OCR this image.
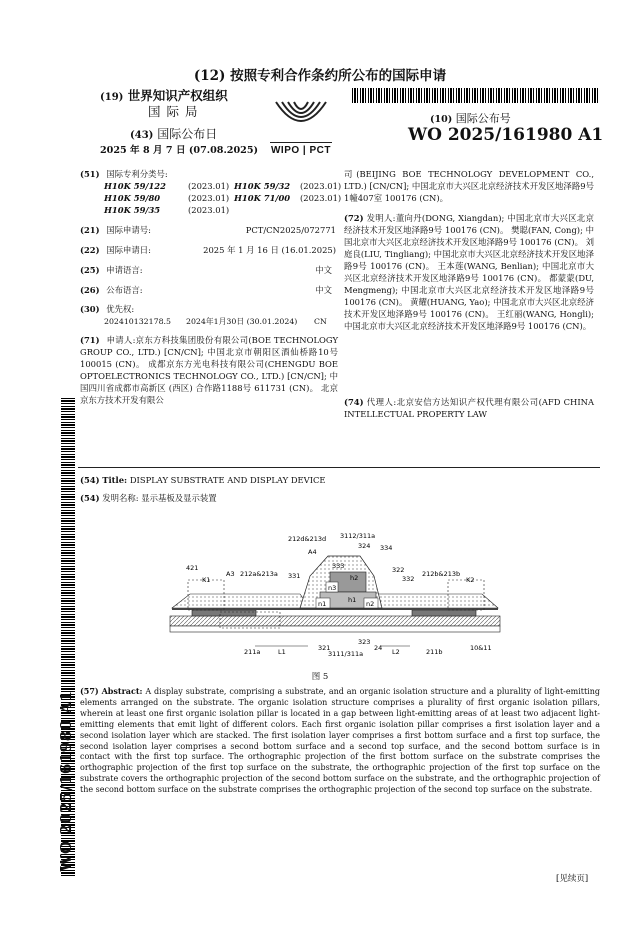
(12) 按照专利合作条约所公布的国际申请
(19) 世界知识产权组织
国 际 局
(43) 国际公布日
2025 年 8 月 7 日 (07.08.2025) WIPO | PCT
(10) 国际公布号
WO 2025/161980 A1
(51) 国际专利分类号:
H10K 59/122	(2023.01) H10K 59/32 (2023.01)
H10K 59/80	(2023.01) H10K 71/00 (2023.01)
H10K 59/35	(2023.01)
(21) 国际申请号:	PCT/CN2025/072771
(22) 国际申请日:	2025 年 1 月 16 日 (16.01.2025)
(25) 申请语言:	中文
(26) 公布语言:	中文
(30) 优先权:
202410132178.5 2024年1月30日 (30.01.2024) CN
(71) 申请人:京东方科技集团股份有限公司(BOE TECHNOLOGY GROUP CO., LTD.) [CN/CN]; 中国北京市朝阳区酒仙桥路10号 100015 (CN)。 成都京东方光电科技有限公司(CHENGDU BOE OPTOELECTRONICS TECHNOLOGY CO., LTD.) [CN/CN]; 中国四川省成都市高新区 (西区) 合作路1188号 611731 (CN)。 北京京东方技术开发有限公
司(BEIJING BOE TECHNOLOGY DEVELOPMENT CO., LTD.) [CN/CN]; 中国北京市大兴区北京经济技术开发区地泽路9号1幢407室 100176 (CN)。
(72) 发明人:董向丹(DONG, Xiangdan); 中国北京市大兴区北京经济技术开发区地泽路9号 100176 (CN)。 樊聪(FAN, Cong); 中国北京市大兴区北京经济技术开发区地泽路9号 100176 (CN)。 刘庭良(LIU, Tingliang); 中国北京市大兴区北京经济技术开发区地泽路9号 100176 (CN)。 王本莲(WANG, Benlian); 中国北京市大兴区北京经济技术开发区地泽路9号 100176 (CN)。 都蒙蒙(DU, Mengmeng); 中国北京市大兴区北京经济技术开发区地泽路9号 100176 (CN)。 黄耀(HUANG, Yao); 中国北京市大兴区北京经济技术开发区地泽路9号 100176 (CN)。 王红丽(WANG, Hongli); 中国北京市大兴区北京经济技术开发区地泽路9号 100176 (CN)。
(74) 代理人:北京安信方达知识产权代理有限公司(AFD CHINA INTELLECTUAL PROPERTY LAW
(54) Title: DISPLAY SUBSTRATE AND DISPLAY DEVICE
(54) 发明名称: 显示基板及显示装置
212d&213d 3112/311a
324 334
A4
333	322
332
421
K1
A3 212a&213a 331	h2
h1
n3
n1	n2
212b&213b
K2
211a	L1	321
3111/311a
323
24 L2	211b	10&11
图 5
(57) Abstract: A display substrate, comprising a substrate, and an organic isolation structure and a plurality of light-emitting elements arranged on the substrate. The organic isolation structure comprises a plurality of first organic isolation pillars, wherein at least one first organic isolation pillar is located in a gap between light-emitting areas of at least two adjacent light-emitting elements that emit light of different colors. Each first organic isolation pillar comprises a first isolation layer and a second isolation layer which are stacked. The first isolation layer comprises a first bottom surface and a first top surface, the second isolation layer comprises a second bottom surface and a second top surface, and the second bottom surface is in contact with the first top surface. The orthographic projection of the first bottom surface on the substrate comprises the orthographic projection of the first top surface on the substrate, the orthographic projection of the first top surface on the substrate covers the orthographic projection of the second bottom surface on the substrate, and the orthographic projection of the second bottom surface on the substrate comprises the orthographic projection of the second top surface on the substrate.
WO 2025/161980 A1
[见续页]
